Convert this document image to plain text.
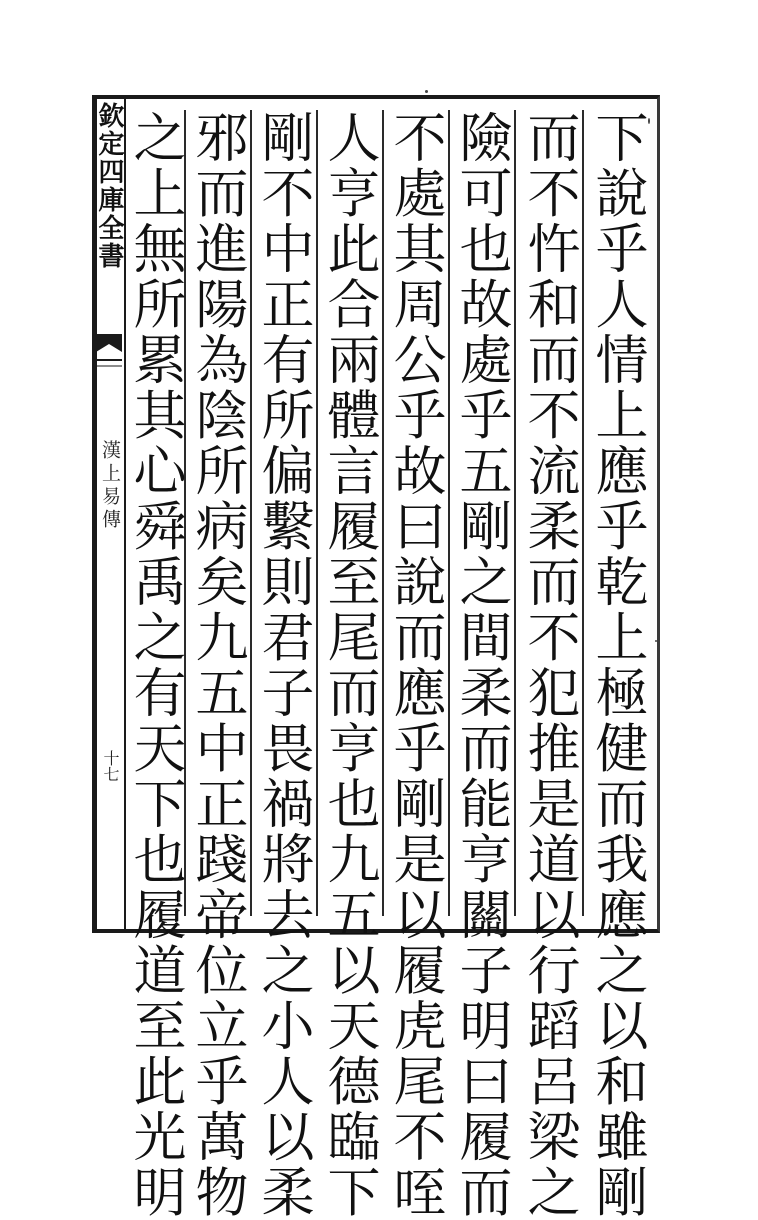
欽定四庫全書
漢上易傳
十七	下說乎人情上應乎乾上極健而我應之以和雖剛
而不忤和而不流柔而不犯推是道以行蹈呂梁之
險可也故處乎五剛之間柔而能亨關子明曰履而
不處其周公乎故曰說而應乎剛是以履虎尾不咥
人亨此合兩體言履至尾而亨也九五以天德臨下
剛不中正有所偏繫則君子畏禍將去之小人以柔
邪而進陽為陰所病矣九五中正踐帝位立乎萬物
之上無所累其心舜禹之有天下也履道至此光明
